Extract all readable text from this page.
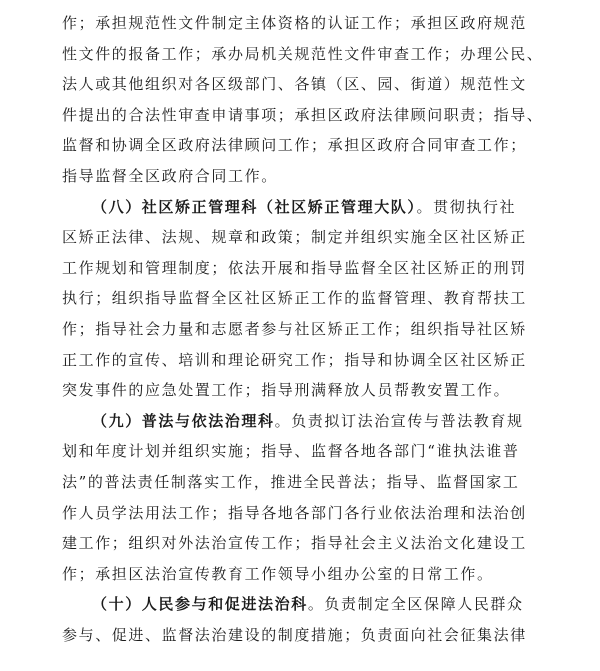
作；承担规范性文件制定主体资格的认证工作；承担区政府规范
性文件的报备工作；承办局机关规范性文件审查工作；办理公民、
法人或其他组织对各区级部门、各镇（区、园、街道）规范性文
件提出的合法性审查申请事项；承担区政府法律顾问职责；指导、
监督和协调全区政府法律顾问工作；承担区政府合同审查工作；
指导监督全区政府合同工作。
（八）社区矫正管理科（社区矫正管理大队）。贯彻执行社
区矫正法律、法规、规章和政策；制定并组织实施全区社区矫正
工作规划和管理制度；依法开展和指导监督全区社区矫正的刑罚
执行；组织指导监督全区社区矫正工作的监督管理、教育帮扶工
作；指导社会力量和志愿者参与社区矫正工作；组织指导社区矫
正工作的宣传、培训和理论研究工作；指导和协调全区社区矫正
突发事件的应急处置工作；指导刑满释放人员帮教安置工作。
（九）普法与依法治理科。负责拟订法治宣传与普法教育规
划和年度计划并组织实施；指导、监督各地各部门“谁执法谁普
法”的普法责任制落实工作，推进全民普法；指导、监督国家工
作人员学法用法工作；指导各地各部门各行业依法治理和法治创
建工作；组织对外法治宣传工作；指导社会主义法治文化建设工
作；承担区法治宣传教育工作领导小组办公室的日常工作。
（十）人民参与和促进法治科。负责制定全区保障人民群众
参与、促进、监督法治建设的制度措施；负责面向社会征集法律
